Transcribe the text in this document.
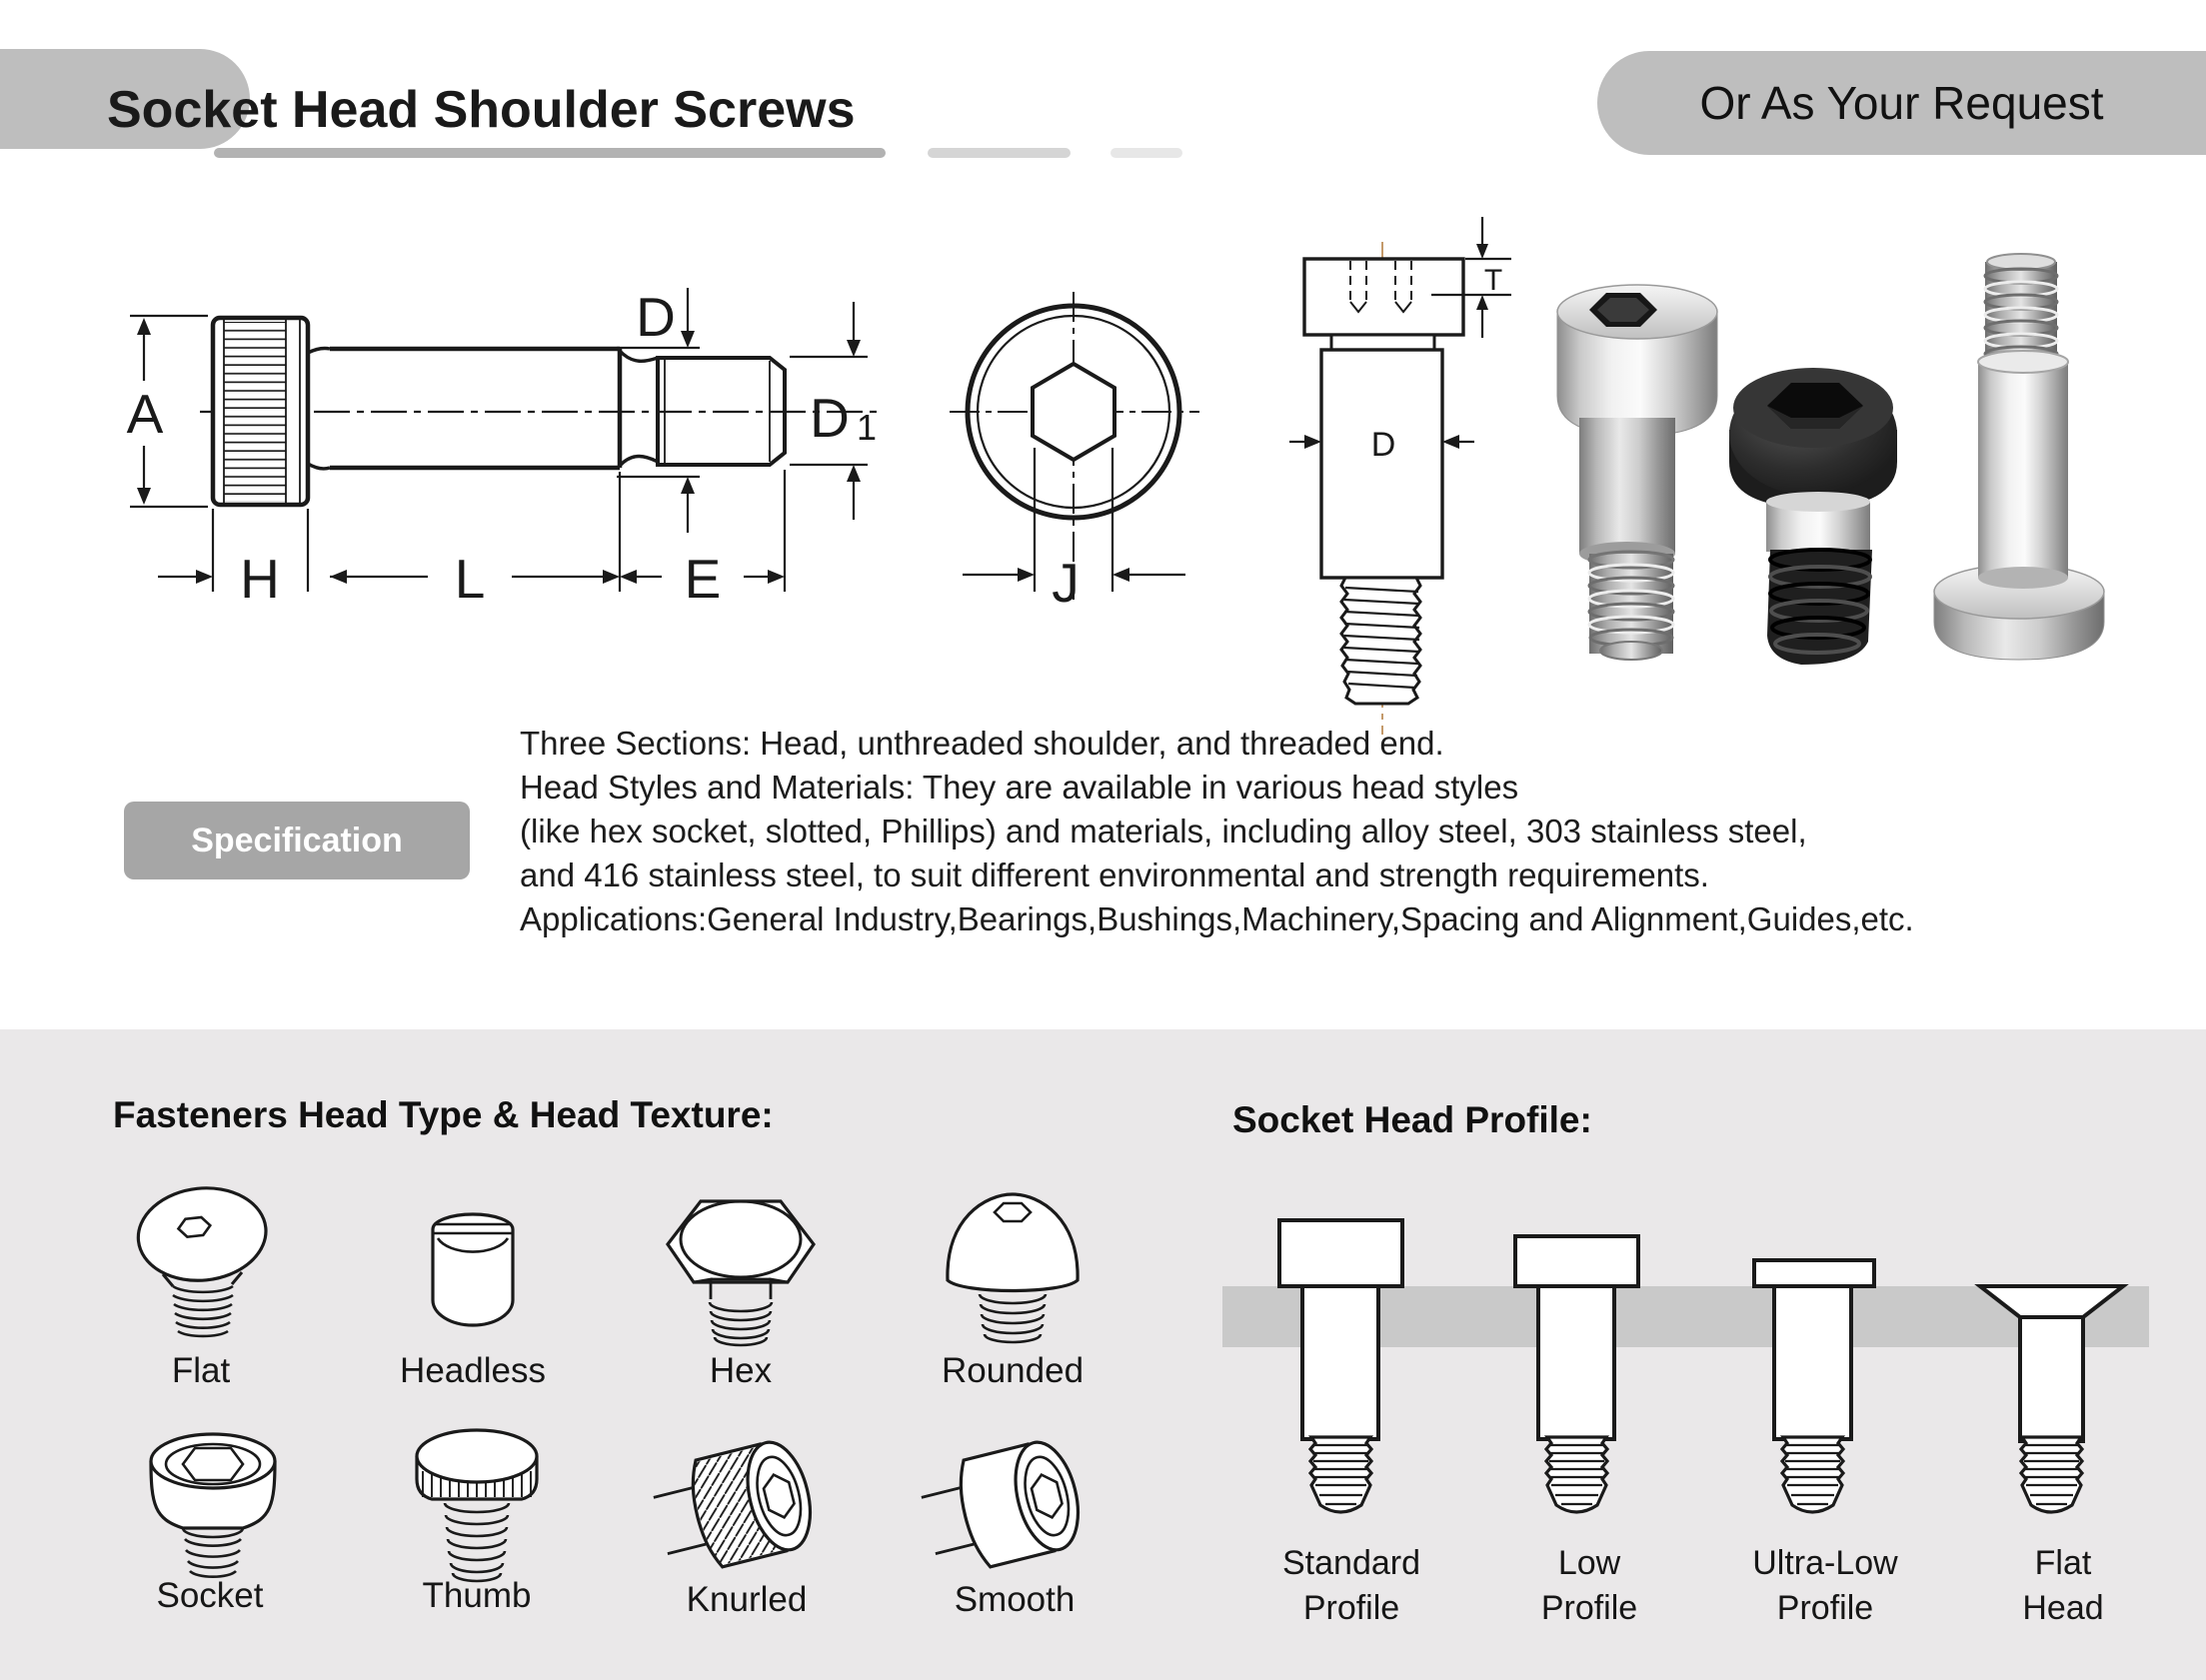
Socket Head Shoulder Screws	Or As Your Request
A
D
D 1
H	L	E	J
T
D
Specification
Three Sections: Head, unthreaded shoulder, and threaded end.
Head Styles and Materials: They are available in various head styles
(like hex socket, slotted, Phillips) and materials, including alloy steel, 303 stainless steel,
and 416 stainless steel, to suit different environmental and strength requirements.
Applications:General Industry,Bearings,Bushings,Machinery,Spacing and Alignment,Guides,etc.
Fasteners Head Type & Head Texture:	Socket Head Profile:
Flat	Headless	Hex	Rounded
Socket	Thumb	Knurled	Smooth
Standard
Profile
Low
Profile
Ultra-Low
Profile
Flat
Head
